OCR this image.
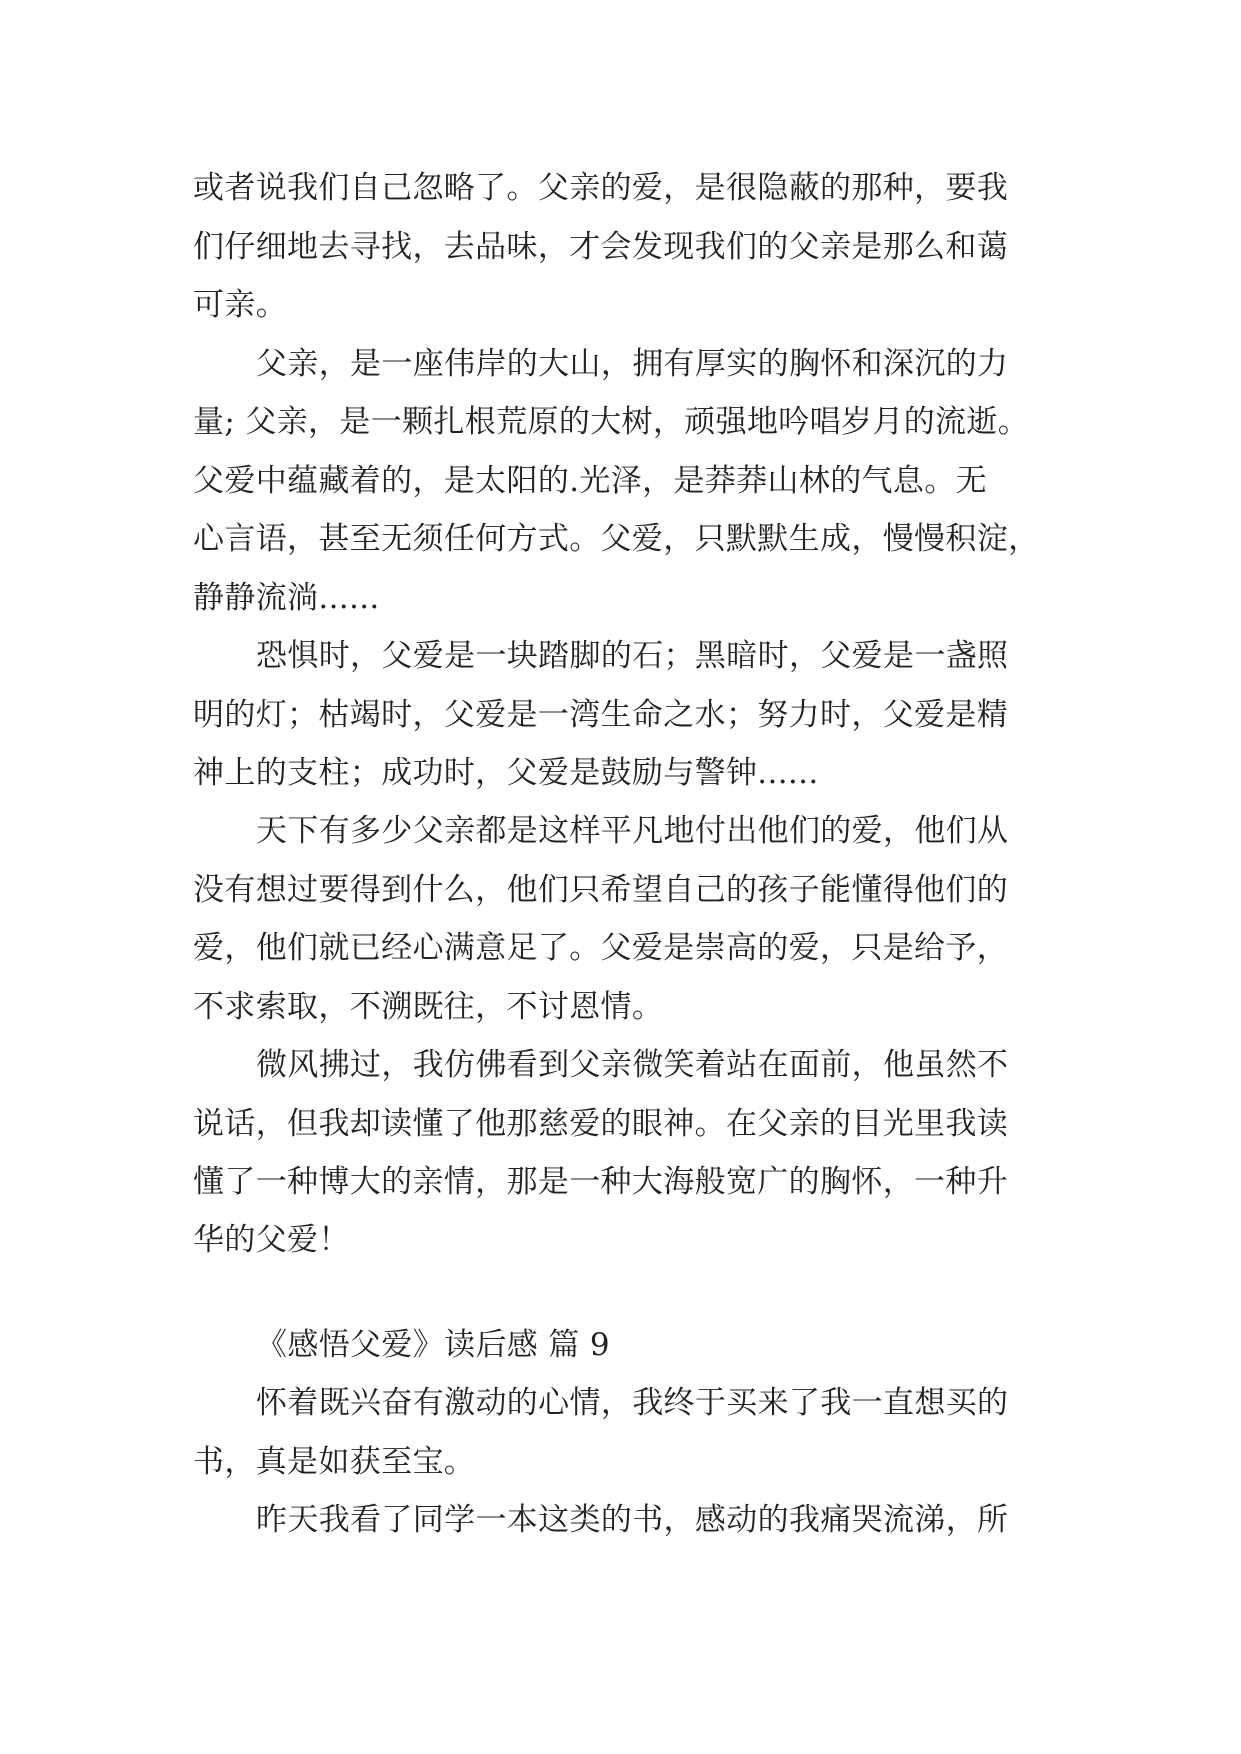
或者说我们自己忽略了。父亲的爱，是很隐蔽的那种，要我
们仔细地去寻找，去品味，才会发现我们的父亲是那么和蔼
可亲。
父亲，是一座伟岸的大山，拥有厚实的胸怀和深沉的力
量; 父亲，是一颗扎根荒原的大树，顽强地吟唱岁月的流逝。
父爱中蕴藏着的，是太阳的.光泽，是莽莽山林的气息。无
心言语，甚至无须任何方式。父爱，只默默生成，慢慢积淀，
静静流淌......
恐惧时，父爱是一块踏脚的石；黑暗时，父爱是一盏照
明的灯；枯竭时，父爱是一湾生命之水；努力时，父爱是精
神上的支柱；成功时，父爱是鼓励与警钟......
天下有多少父亲都是这样平凡地付出他们的爱，他们从
没有想过要得到什么，他们只希望自己的孩子能懂得他们的
爱，他们就已经心满意足了。父爱是崇高的爱，只是给予，
不求索取，不溯既往，不讨恩情。
微风拂过，我仿佛看到父亲微笑着站在面前，他虽然不
说话，但我却读懂了他那慈爱的眼神。在父亲的目光里我读
懂了一种博大的亲情，那是一种大海般宽广的胸怀，一种升
华的父爱！
《感悟父爱》读后感 篇 9
怀着既兴奋有激动的心情，我终于买来了我一直想买的
书，真是如获至宝。
昨天我看了同学一本这类的书，感动的我痛哭流涕，所
